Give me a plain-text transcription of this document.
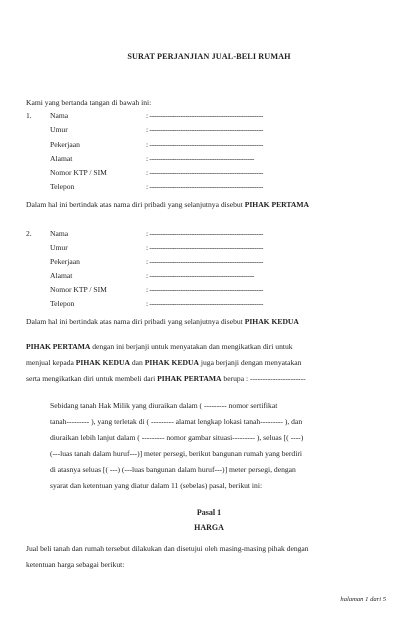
SURAT PERJANJIAN JUAL-BELI RUMAH
Kami yang bertanda tangan di bawah ini:
1. Nama	: ---------------------------------------------------
Umur	: ---------------------------------------------------
Pekerjaan	: ---------------------------------------------------
Alamat	: -----------------------------------------------
Nomor KTP / SIM	: ---------------------------------------------------
Telepon	: ---------------------------------------------------
Dalam hal ini bertindak atas nama diri pribadi yang selanjutnya disebut PIHAK PERTAMA
2. Nama	: ---------------------------------------------------
Umur	: ---------------------------------------------------
Pekerjaan	: ---------------------------------------------------
Alamat	: -----------------------------------------------
Nomor KTP / SIM	: ---------------------------------------------------
Telepon	: ---------------------------------------------------
Dalam hal ini bertindak atas nama diri pribadi yang selanjutnya disebut PIHAK KEDUA
PIHAK PERTAMA dengan ini berjanji untuk menyatakan dan mengikatkan diri untuk
menjual kepada PIHAK KEDUA dan PIHAK KEDUA juga berjanji dengan menyatakan
serta mengikatkan diri untuk membeli dari PIHAK PERTAMA berupa : ----------------------
Sebidang tanah Hak Milik yang diuraikan dalam ( --------- nomor sertifikat
tanah--------- ), yang terletak di ( --------- alamat lengkap lokasi tanah--------- ), dan
diuraikan lebih lanjut dalam ( --------- nomor gambar situasi--------- ), seluas [( ----)
(---luas tanah dalam huruf---)] meter persegi, berikut bangunan rumah yang berdiri
di atasnya seluas [( ---) (---luas bangunan dalam huruf---)] meter persegi, dengan
syarat dan ketentuan yang diatur dalam 11 (sebelas) pasal, berikut ini:
Pasal 1
HARGA
Jual beli tanah dan rumah tersebut dilakukan dan disetujui oleh masing-masing pihak dengan
ketentuan harga sebagai berikut:
halaman 1 dari 5
